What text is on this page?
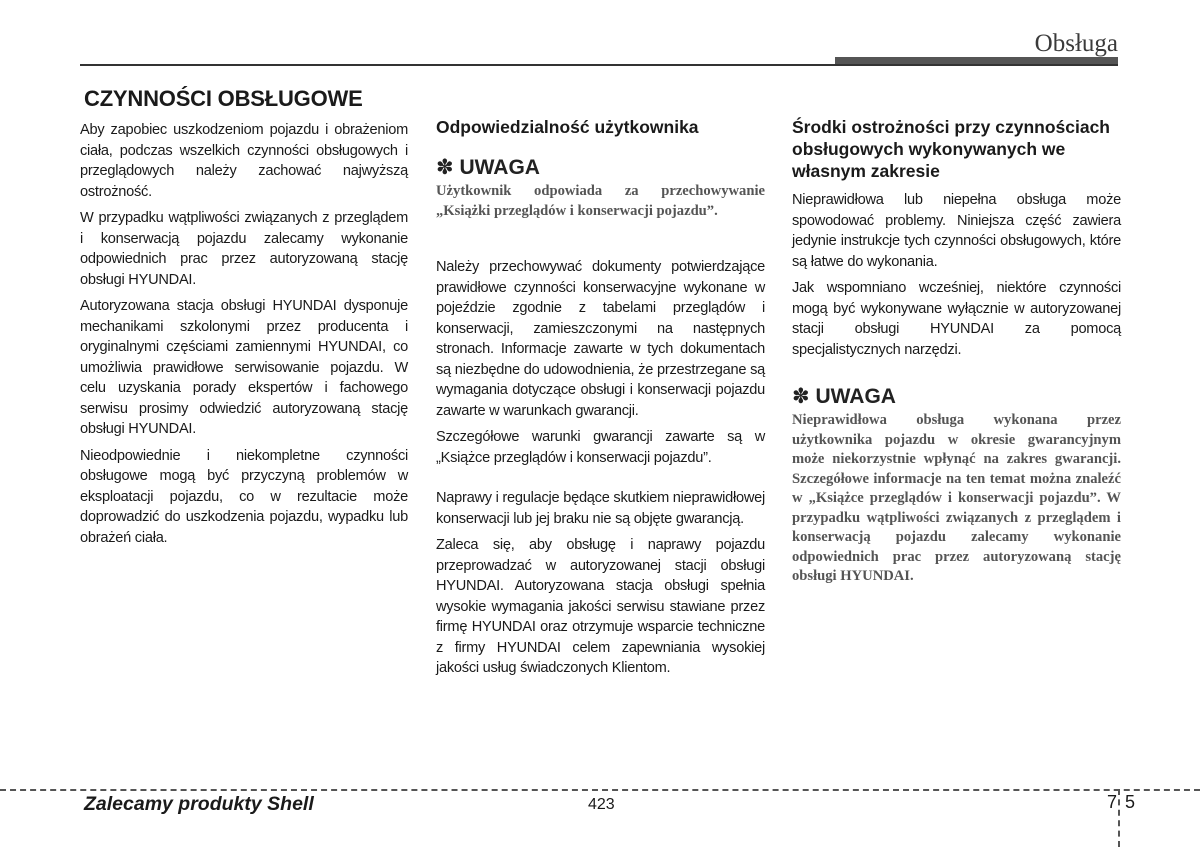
Obsługa
CZYNNOŚCI OBSŁUGOWE

Aby zapobiec uszkodzeniom pojazdu i obrażeniom ciała, podczas wszelkich czynności obsługowych i przeglądowych należy zachować najwyższą ostrożność.

W przypadku wątpliwości związanych z przeglądem i konserwacją pojazdu zalecamy wykonanie odpowiednich prac przez autoryzowaną stację obsługi HYUNDAI.

Autoryzowana stacja obsługi HYUNDAI dysponuje mechanikami szkolonymi przez producenta i oryginalnymi częściami zamiennymi HYUNDAI, co umożliwia prawidłowe serwisowanie pojazdu. W celu uzyskania porady ekspertów i fachowego serwisu prosimy odwiedzić autoryzowaną stację obsługi HYUNDAI.

Nieodpowiednie i niekompletne czynności obsługowe mogą być przyczyną problemów w eksploatacji pojazdu, co w rezultacie może doprowadzić do uszkodzenia pojazdu, wypadku lub obrażeń ciała.

Odpowiedzialność użytkownika
✽ UWAGA

Użytkownik odpowiada za przechowywanie „Książki przeglądów i konserwacji pojazdu”.

Należy przechowywać dokumenty potwierdzające prawidłowe czynności konserwacyjne wykonane w pojeździe zgodnie z tabelami przeglądów i konserwacji, zamieszczonymi na następnych stronach. Informacje zawarte w tych dokumentach są niezbędne do udowodnienia, że przestrzegane są wymagania dotyczące obsługi i konserwacji pojazdu zawarte w warunkach gwarancji.

Szczegółowe warunki gwarancji zawarte są w „Książce przeglądów i konserwacji pojazdu”.

Naprawy i regulacje będące skutkiem nieprawidłowej konserwacji lub jej braku nie są objęte gwarancją.

Zaleca się, aby obsługę i naprawy pojazdu przeprowadzać w autoryzowanej stacji obsługi HYUNDAI. Autoryzowana stacja obsługi spełnia wysokie wymagania jakości serwisu stawiane przez firmę HYUNDAI oraz otrzymuje wsparcie techniczne z firmy HYUNDAI celem zapewniania wysokiej jakości usług świadczonych Klientom.

Środki ostrożności przy czynnościach obsługowych wykonywanych we własnym zakresie

Nieprawidłowa lub niepełna obsługa może spowodować problemy. Niniejsza część zawiera jedynie instrukcje tych czynności obsługowych, które są łatwe do wykonania.

Jak wspomniano wcześniej, niektóre czynności mogą być wykonywane wyłącznie w autoryzowanej stacji obsługi HYUNDAI za pomocą specjalistycznych narzędzi.

✽ UWAGA

Nieprawidłowa obsługa wykonana przez użytkownika pojazdu w okresie gwarancyjnym może niekorzystnie wpłynąć na zakres gwarancji. Szczegółowe informacje na ten temat można znaleźć w „Książce przeglądów i konserwacji pojazdu”. W przypadku wątpliwości związanych z przeglądem i konserwacją pojazdu zalecamy wykonanie odpowiednich prac przez autoryzowaną stację obsługi HYUNDAI.

Zalecamy produkty Shell	423	7 5
